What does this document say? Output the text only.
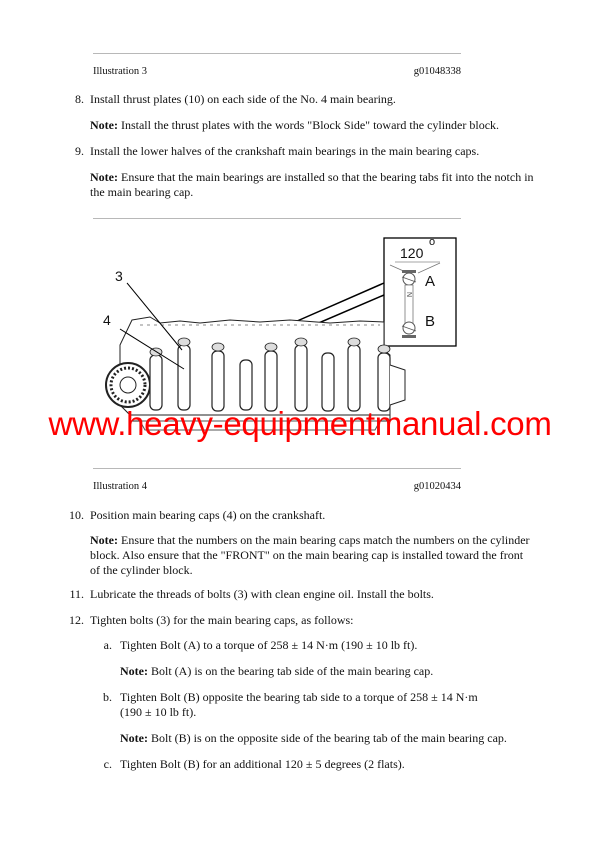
Illustration 3	g01048338
8. Install thrust plates (10) on each side of the No. 4 main bearing.
Note: Install the thrust plates with the words "Block Side" toward the cylinder block.
9. Install the lower halves of the crankshaft main bearings in the main bearing caps.
Note: Ensure that the main bearings are installed so that the bearing tabs fit into the notch in
the main bearing cap.
N
3
4
120
o
A
B
www.heavy-equipmentmanual.com
Illustration 4	g01020434
10. Position main bearing caps (4) on the crankshaft.
Note: Ensure that the numbers on the main bearing caps match the numbers on the cylinder
block. Also ensure that the "FRONT" on the main bearing cap is installed toward the front
of the cylinder block.
11. Lubricate the threads of bolts (3) with clean engine oil. Install the bolts.
12. Tighten bolts (3) for the main bearing caps, as follows:
a. Tighten Bolt (A) to a torque of 258 ± 14 N·m (190 ± 10 lb ft).
Note: Bolt (A) is on the bearing tab side of the main bearing cap.
b. Tighten Bolt (B) opposite the bearing tab side to a torque of 258 ± 14 N·m
(190 ± 10 lb ft).
Note: Bolt (B) is on the opposite side of the bearing tab of the main bearing cap.
c. Tighten Bolt (B) for an additional 120 ± 5 degrees (2 flats).
